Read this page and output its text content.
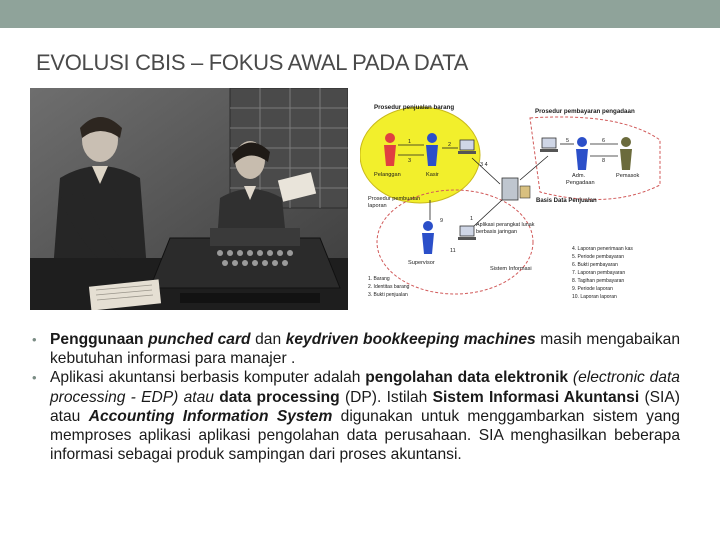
EVOLUSI CBIS – FOKUS AWAL PADA DATA
Prosedur penjualan barang
Prosedur pembayaran pengadaan
1
3
2
5	6
8
3 4
9	1
11
Pelanggan	Kasir	Adm.
Pengadaan
Pemasok
Prosedur pembuatan
laporan
Basis Data Penjualan
Aplikasi perangkat lunak
berbasis jaringan
Supervisor
Sistem Informasi
1. Barang
2. Identitas barang
3. Bukti penjualan
4. Laporan penerimaan kas
5. Periode pembayaran
6. Bukti pembayaran
7. Laporan pembayaran
8. Tagihan pembayaran
9. Periode laporan
10. Laporan laporan
• Penggunaan punched card dan keydriven bookkeeping machines masih mengabaikan kebutuhan informasi para manajer .
• Aplikasi akuntansi berbasis komputer adalah pengolahan data elektronik (electronic data processing - EDP) atau data processing (DP). Istilah Sistem Informasi Akuntansi (SIA) atau Accounting Information System digunakan untuk menggambarkan sistem yang memproses aplikasi aplikasi pengolahan data perusahaan. SIA menghasilkan beberapa informasi sebagai produk sampingan dari proses akuntansi.
